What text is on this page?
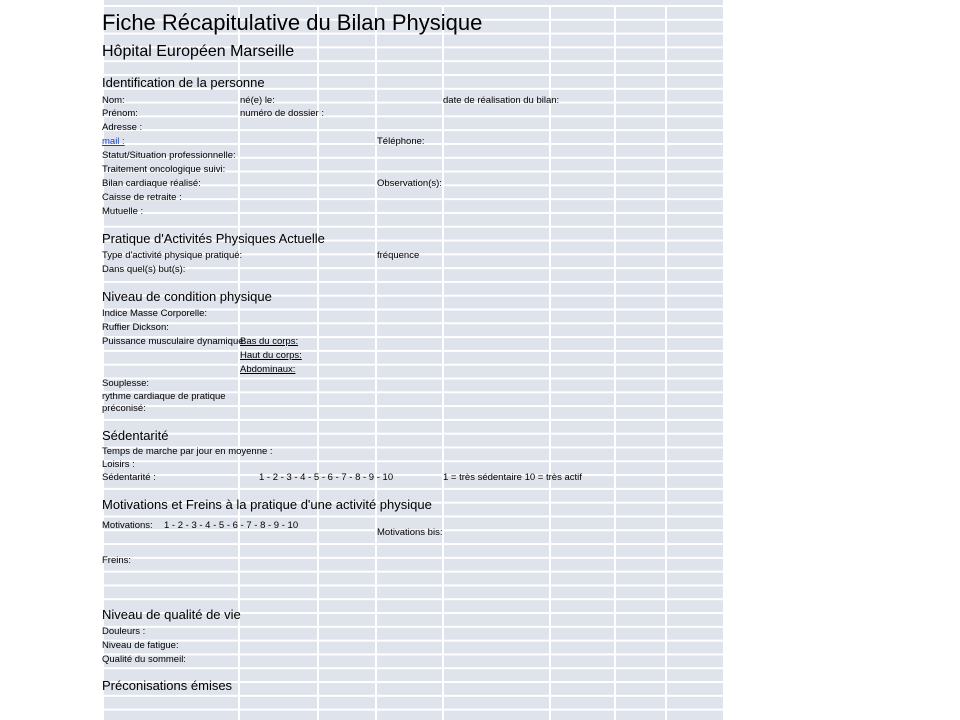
Fiche Récapitulative du Bilan Physique
Hôpital Européen Marseille
Identification de la personne
Nom:	né(e) le:	date de réalisation du bilan:
Prénom:	numéro de dossier :
Adresse :
mail :	Téléphone:
Statut/Situation professionnelle:
Traitement oncologique suivi:
Bilan cardiaque réalisé:	Observation(s):
Caisse de retraite :
Mutuelle :
Pratique d'Activités Physiques Actuelle
Type d'activité physique pratiqué:	fréquence
Dans quel(s) but(s):
Niveau de condition physique
Indice Masse Corporelle:
Ruffier Dickson:
Puissance musculaire dynamique:
Bas du corps:
Haut du corps:
Abdominaux:
Souplesse:
rythme cardiaque de pratique
préconisé:
Sédentarité
Temps de marche par jour en moyenne :
Loisirs :
Sédentarité :	1 - 2 - 3 - 4 - 5 - 6 - 7 - 8 - 9 - 10	1 = très sédentaire 10 = très actif
Motivations et Freins à la pratique d'une activité physique
Motivations: 1 - 2 - 3 - 4 - 5 - 6 - 7 - 8 - 9 - 10
Motivations bis:
Freins:
Niveau de qualité de vie
Douleurs :
Niveau de fatigue:
Qualité du sommeil:
Préconisations émises
